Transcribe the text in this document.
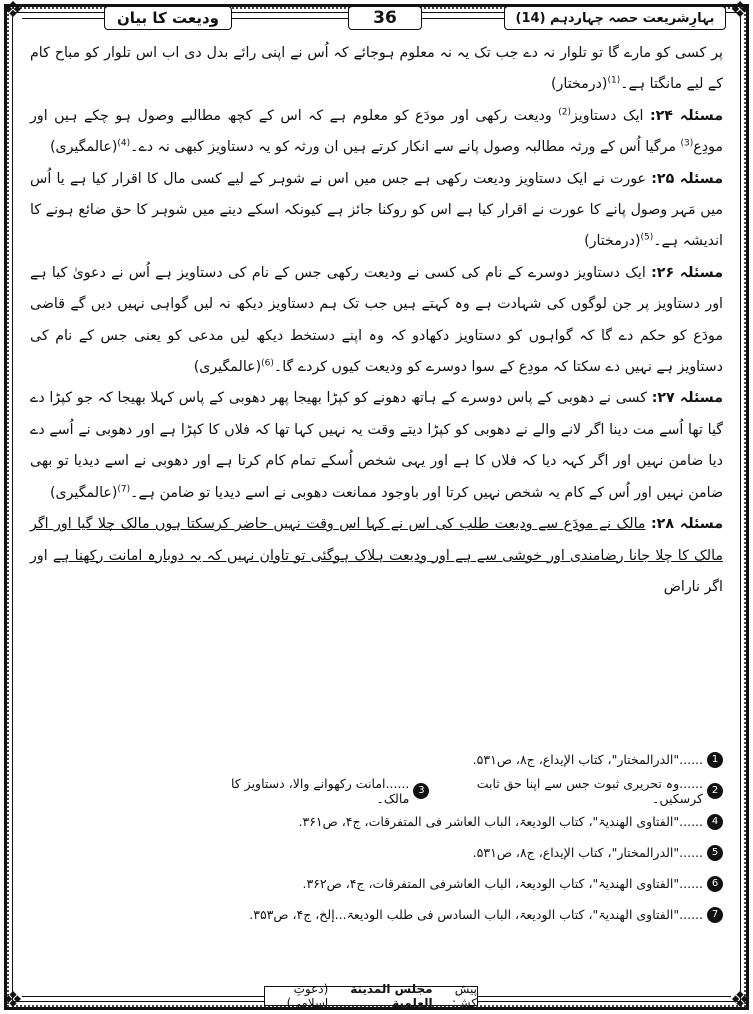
❖	❖
❖	❖
ودیعت کا بیان	36	بہارِشریعت حصہ چہاردہم (14)

پر کسی کو مارے گا تو تلوار نہ دے جب تک یہ نہ معلوم ہوجائے کہ اُس نے اپنی رائے بدل دی اب اس تلوار کو مباح کام کے لیے مانگتا ہے۔$^{(1)}$(درمختار)

مسئلہ ۲۴: ایک دستاویز$^{(2)}$ ودیعت رکھی اور مودَع کو معلوم ہے کہ اس کے کچھ مطالبے وصول ہو چکے ہیں اور مودِع$^{(3)}$ مرگیا اُس کے ورثہ مطالبہ وصول پانے سے انکار کرتے ہیں ان ورثہ کو یہ دستاویز کبھی نہ دے۔$^{(4)}$(عالمگیری)

مسئلہ ۲۵: عورت نے ایک دستاویز ودیعت رکھی ہے جس میں اس نے شوہر کے لیے کسی مال کا اقرار کیا ہے یا اُس میں مَہر وصول پانے کا عورت نے اقرار کیا ہے اس کو روکنا جائز ہے کیونکہ اسکے دینے میں شوہر کا حق ضائع ہونے کا اندیشہ ہے۔$^{(5)}$(درمختار)

مسئلہ ۲۶: ایک دستاویز دوسرے کے نام کی کسی نے ودیعت رکھی جس کے نام کی دستاویز ہے اُس نے دعویٰ کیا ہے اور دستاویز پر جن لوگوں کی شہادت ہے وہ کہتے ہیں جب تک ہم دستاویز دیکھ نہ لیں گواہی نہیں دیں گے قاضی مودَع کو حکم دے گا کہ گواہوں کو دستاویز دکھادو کہ وہ اپنے دستخط دیکھ لیں مدعی کو یعنی جس کے نام کی دستاویز ہے نہیں دے سکتا کہ مودِع کے سوا دوسرے کو ودیعت کیوں کردے گا۔$^{(6)}$(عالمگیری)

مسئلہ ۲۷: کسی نے دھوبی کے پاس دوسرے کے ہاتھ دھونے کو کپڑا بھیجا پھر دھوبی کے پاس کہلا بھیجا کہ جو کپڑا دے گیا تھا اُسے مت دینا اگر لانے والے نے دھوبی کو کپڑا دیتے وقت یہ نہیں کہا تھا کہ فلاں کا کپڑا ہے اور دھوبی نے اُسے دے دیا ضامن نہیں اور اگر کہہ دیا کہ فلاں کا ہے اور یہی شخص اُسکے تمام کام کرتا ہے اور دھوبی نے اسے دیدیا تو بھی ضامن نہیں اور اُس کے کام یہ شخص نہیں کرتا اور باوجود ممانعت دھوبی نے اسے دیدیا تو ضامن ہے۔$^{(7)}$(عالمگیری)

مسئلہ ۲۸: مالک نے مودَع سے ودیعت طلب کی اس نے کہا اس وقت نہیں حاضر کرسکتا ہوں مالک چلا گیا اور اگر مالک کا چلا جانا رضامندی اور خوشی سے ہے اور ودیعت ہلاک ہوگئی تو تاوان نہیں کہ یہ دوبارہ امانت رکھنا ہے اور اگر ناراض

1
......"الدرالمختار"، کتاب الإیداع، ج۸، ص۵۳۱.
2
......وہ تحریری ثبوت جس سے اپنا حق ثابت کرسکیں۔
3
......امانت رکھوانے والا، دستاویز کا مالک۔
4
......"الفتاوی الھندیۃ"، کتاب الودیعۃ، الباب العاشر فی المتفرقات، ج۴، ص۳۶۱.
5
......"الدرالمختار"، کتاب الإیداع، ج۸، ص۵۳۱.
6
......"الفتاوی الھندیۃ"، کتاب الودیعۃ، الباب العاشرفی المتفرقات، ج۴، ص۳۶۲.
7
......"الفتاوی الھندیۃ"، کتاب الودیعۃ، الباب السادس فی طلب الودیعۃ...إلخ، ج۴، ص۳۵۳.
پیش کش:
مجلس المدينة العلمية
(دعوتِ اسلامی)
